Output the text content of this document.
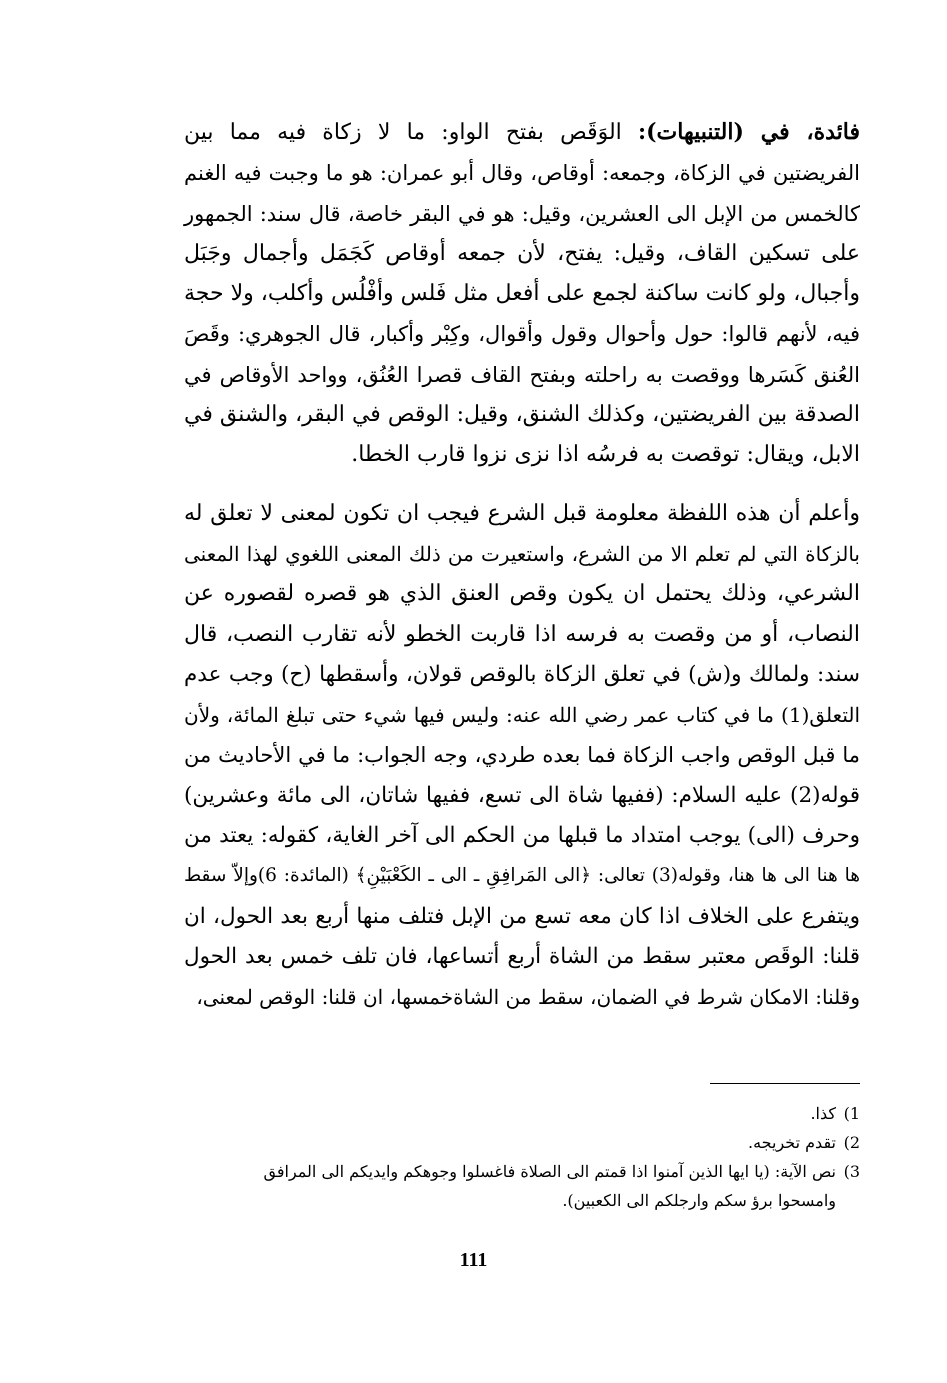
فائدة، في (التنبيهات): الوَقَص بفتح الواو: ما لا زكاة فيه مما بين
الفريضتين في الزكاة، وجمعه: أوقاص، وقال أبو عمران: هو ما وجبت فيه الغنم
كالخمس من الإبل الى العشرين، وقيل: هو في البقر خاصة، قال سند: الجمهور
على تسكين القاف، وقيل: يفتح، لأن جمعه أوقاص كَجَمَل وأجمال وجَبَل
وأجبال، ولو كانت ساكنة لجمع على أفعل مثل فَلس وأفْلُس وأكلب، ولا حجة
فيه، لأنهم قالوا: حول وأحوال وقول وأقوال، وكِبْر وأكبار، قال الجوهري: وقَصَ
العُنق كَسَرها ووقصت به راحلته وبفتح القاف قصرا العُنُق، وواحد الأوقاص في
الصدقة بين الفريضتين، وكذلك الشنق، وقيل: الوقص في البقر، والشنق في
الابل، ويقال: توقصت به فرسُه اذا نزى نزوا قارب الخطا.
وأعلم أن هذه اللفظة معلومة قبل الشرع فيجب ان تكون لمعنى لا تعلق له
بالزكاة التي لم تعلم الا من الشرع، واستعيرت من ذلك المعنى اللغوي لهذا المعنى
الشرعي، وذلك يحتمل ان يكون وقص العنق الذي هو قصره لقصوره عن
النصاب، أو من وقصت به فرسه اذا قاربت الخطو لأنه تقارب النصب، قال
سند: ولمالك و(ش) في تعلق الزكاة بالوقص قولان، وأسقطها (ح) وجب عدم
التعلق(1) ما في كتاب عمر رضي الله عنه: وليس فيها شيء حتى تبلغ المائة، ولأن
ما قبل الوقص واجب الزكاة فما بعده طردي، وجه الجواب: ما في الأحاديث من
قوله(2) عليه السلام: (ففيها شاة الى تسع، ففيها شاتان، الى مائة وعشرين)
وحرف (الى) يوجب امتداد ما قبلها من الحكم الى آخر الغاية، كقوله: يعتد من
ها هنا الى ها هنا، وقوله(3) تعالى: ﴿الى المَرافِقِ ـ الى ـ الكَعْبَيْنِ﴾ (المائدة: 6)وإلاّ سقط
ويتفرع على الخلاف اذا كان معه تسع من الإبل فتلف منها أربع بعد الحول، ان
قلنا: الوقَص معتبر سقط من الشاة أربع أتساعها، فان تلف خمس بعد الحول
وقلنا: الامكان شرط في الضمان، سقط من الشاةخمسها، ان قلنا: الوقص لمعنى،
1)
كذا.
2)
تقدم تخريجه.
3)
نص الآية: (يا ايها الذين آمنوا اذا قمتم الى الصلاة فاغسلوا وجوهكم وايديكم الى المرافق
وامسحوا برؤ سكم وارجلكم الى الكعبين).
111
